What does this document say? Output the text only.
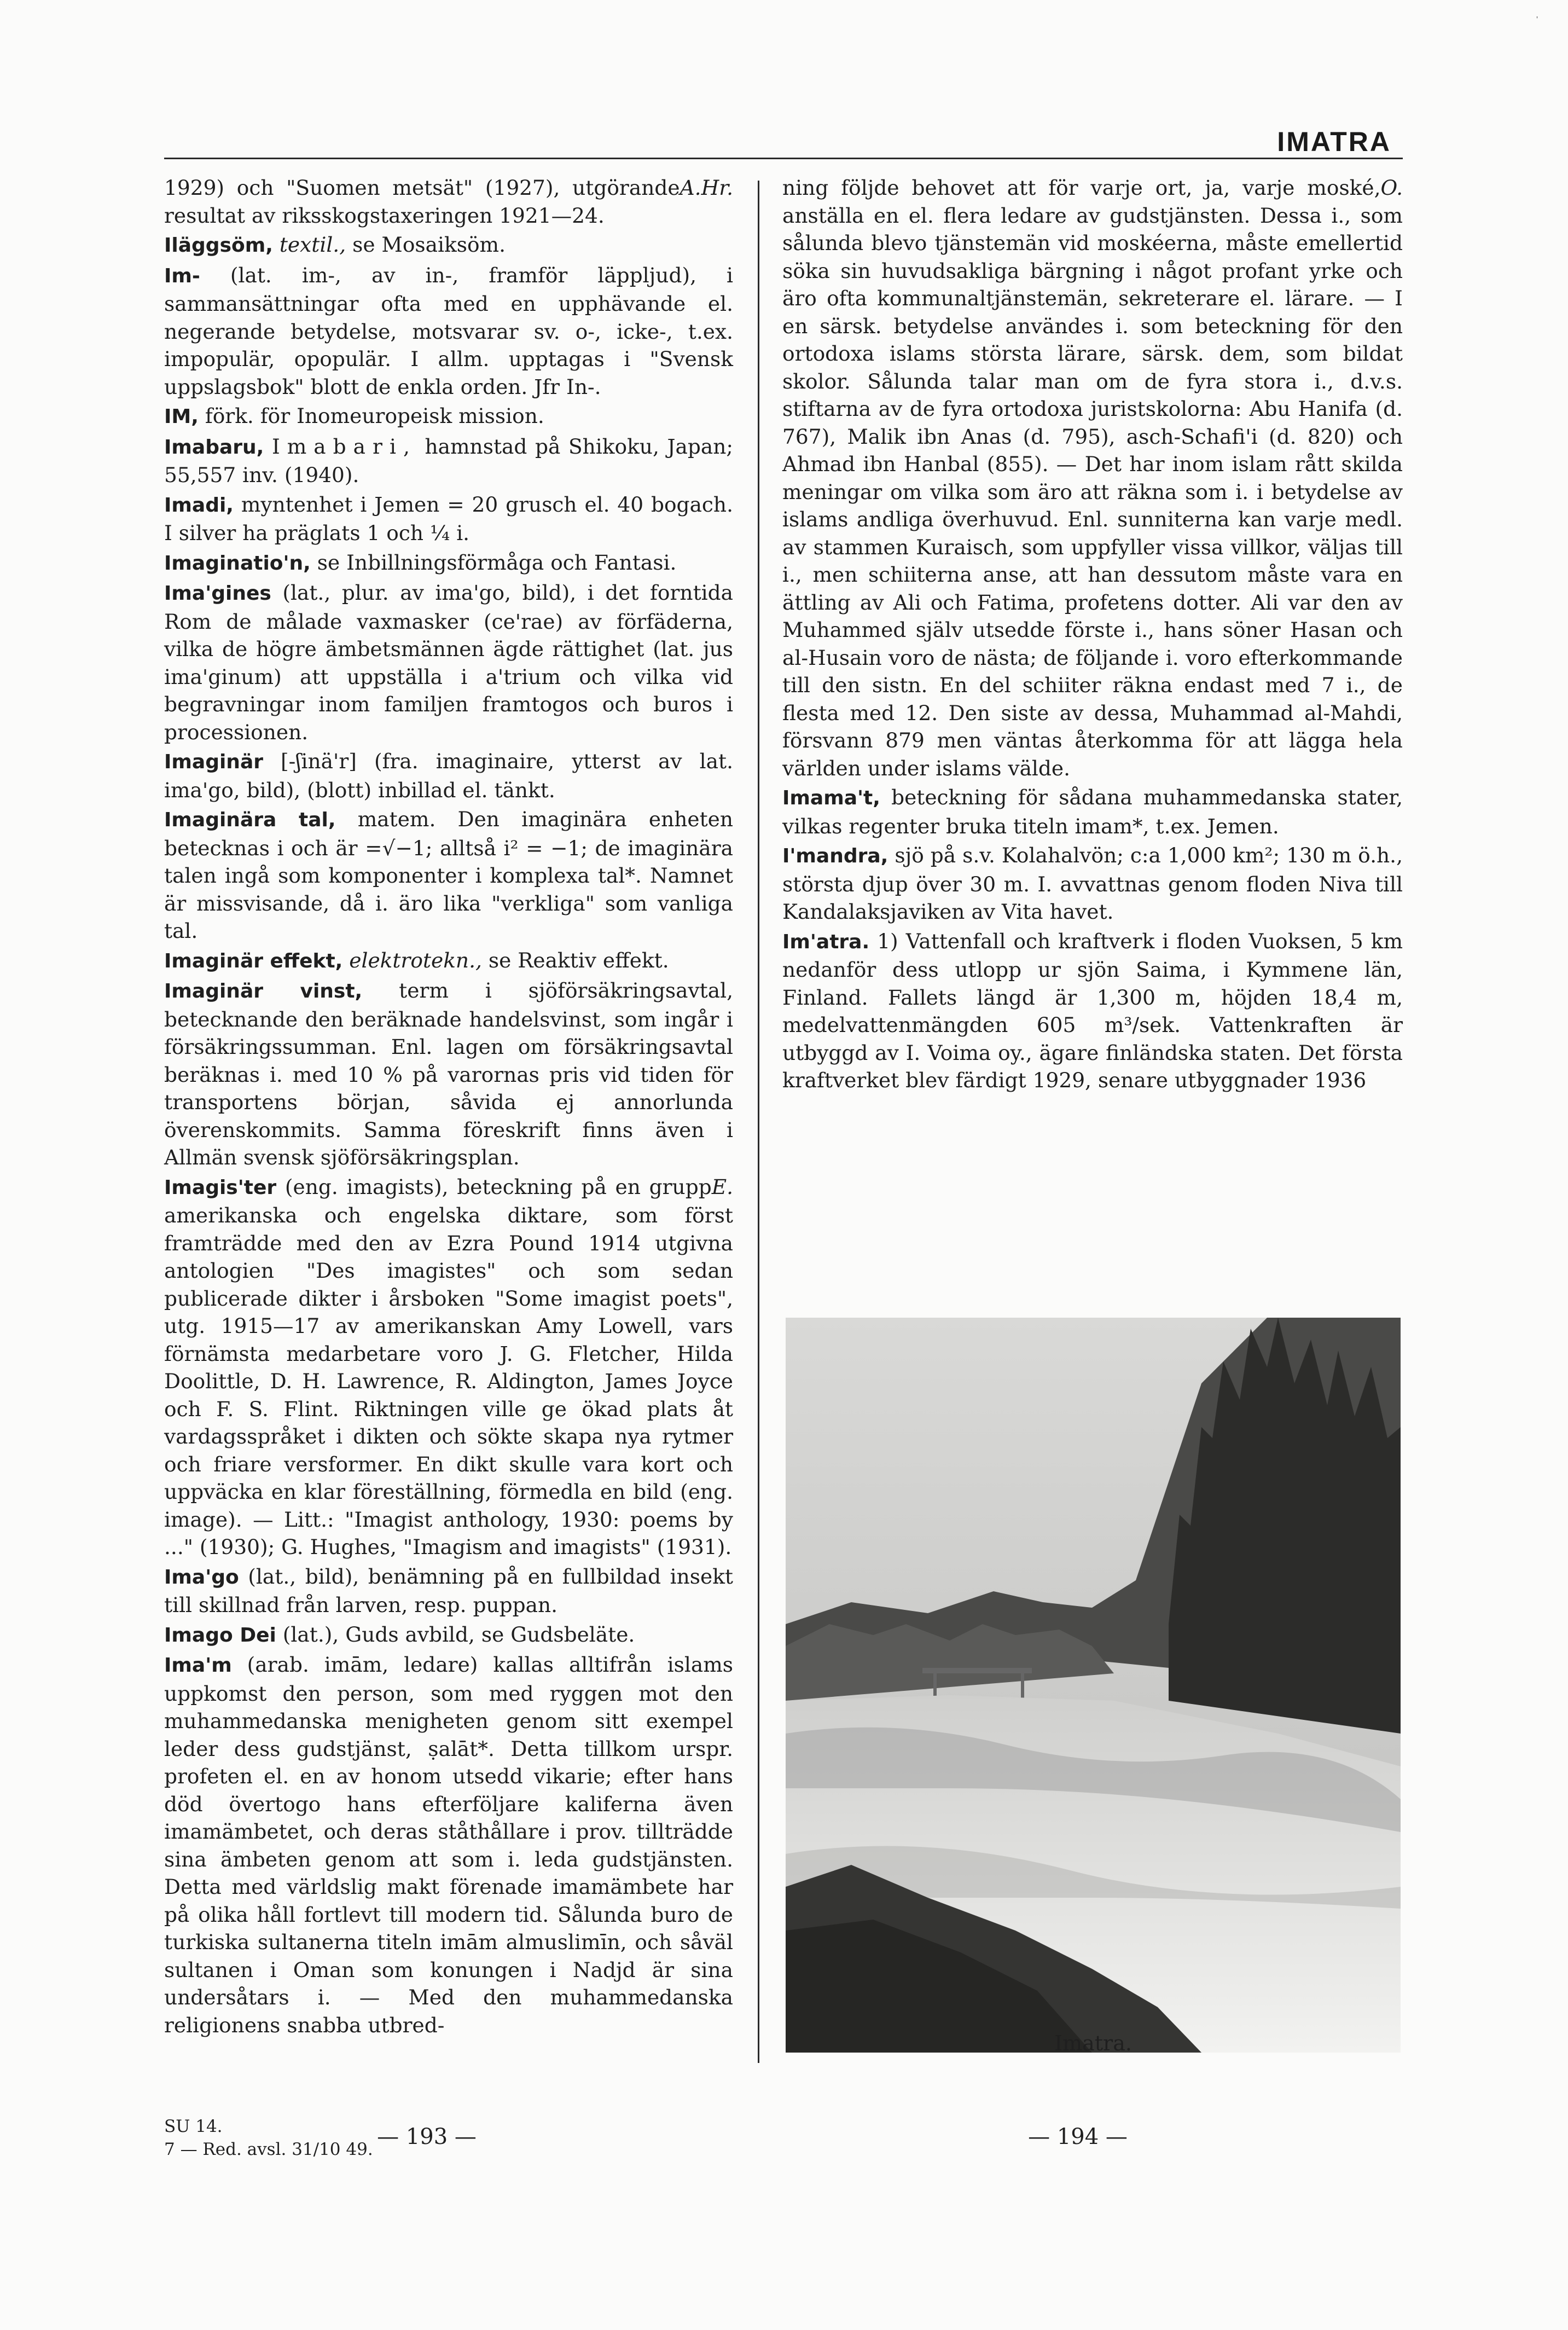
'
IMATRA

A.Hr.
1929) och "Suomen metsät" (1927), utgörande resultat av riksskogstaxeringen 1921—24.

Iläggsöm, textil., se Mosaiksöm.

Im- (lat. im-, av in-, framför läppljud), i sammansättningar ofta med en upphävande el. negerande betydelse, motsvarar sv. o-, icke-, t.ex. impopulär, opopulär. I allm. upptagas i "Svensk uppslagsbok" blott de enkla orden. Jfr In-.

IM, förk. för Inomeuropeisk mission.

Imabaru, Imabari, hamnstad på Shikoku, Japan; 55,557 inv. (1940).

Imadi, myntenhet i Jemen = 20 grusch el. 40 bogach. I silver ha präglats 1 och ¼ i.

Imaginatio'n, se Inbillningsförmåga och Fantasi.

Ima'gines (lat., plur. av ima'go, bild), i det forntida Rom de målade vaxmasker (ce'rae) av förfäderna, vilka de högre ämbetsmännen ägde rättighet (lat. jus ima'ginum) att uppställa i a'trium och vilka vid begravningar inom familjen framtogos och buros i processionen.

Imaginär [-ʃinä'r] (fra. imaginaire, ytterst av lat. ima'go, bild), (blott) inbillad el. tänkt.

Imaginära tal, matem. Den imaginära enheten betecknas i och är =√−1; alltså i² = −1; de imaginära talen ingå som komponenter i komplexa tal*. Namnet är missvisande, då i. äro lika "verkliga" som vanliga tal.

Imaginär effekt, elektrotekn., se Reaktiv effekt.

Imaginär vinst, term i sjöförsäkringsavtal, betecknande den beräknade handelsvinst, som ingår i försäkringssumman. Enl. lagen om försäkringsavtal beräknas i. med 10 % på varornas pris vid tiden för transportens början, såvida ej annorlunda överenskommits. Samma föreskrift finns även i Allmän svensk sjöförsäkringsplan.

E.
Imagis'ter (eng. imagists), beteckning på en grupp amerikanska och engelska diktare, som först framträdde med den av Ezra Pound 1914 utgivna antologien "Des imagistes" och som sedan publicerade dikter i årsboken "Some imagist poets", utg. 1915—17 av amerikanskan Amy Lowell, vars förnämsta medarbetare voro J. G. Fletcher, Hilda Doolittle, D. H. Lawrence, R. Aldington, James Joyce och F. S. Flint. Riktningen ville ge ökad plats åt vardagsspråket i dikten och sökte skapa nya rytmer och friare versformer. En dikt skulle vara kort och uppväcka en klar föreställning, förmedla en bild (eng. image). — Litt.: "Imagist anthology, 1930: poems by ..." (1930); G. Hughes, "Imagism and imagists" (1931).

Ima'go (lat., bild), benämning på en fullbildad insekt till skillnad från larven, resp. puppan.

Imago Dei (lat.), Guds avbild, se Gudsbeläte.

Ima'm (arab. imām, ledare) kallas alltifrån islams uppkomst den person, som med ryggen mot den muhammedanska menigheten genom sitt exempel leder dess gudstjänst, ṣalāt*. Detta tillkom urspr. profeten el. en av honom utsedd vikarie; efter hans död övertogo hans efterföljare kaliferna även imamämbetet, och deras ståthållare i prov. tillträdde sina ämbeten genom att som i. leda gudstjänsten. Detta med världslig makt förenade imamämbete har på olika håll fortlevt till modern tid. Sålunda buro de turkiska sultanerna titeln imām almuslimīn, och såväl sultanen i Oman som konungen i Nadjd är sina undersåtars i. — Med den muhammedanska religionens snabba utbred-

O.
ning följde behovet att för varje ort, ja, varje moské, anställa en el. flera ledare av gudstjänsten. Dessa i., som sålunda blevo tjänstemän vid moskéerna, måste emellertid söka sin huvudsakliga bärgning i något profant yrke och äro ofta kommunaltjänstemän, sekreterare el. lärare. — I en särsk. betydelse användes i. som beteckning för den ortodoxa islams största lärare, särsk. dem, som bildat skolor. Sålunda talar man om de fyra stora i., d.v.s. stiftarna av de fyra ortodoxa juristskolorna: Abu Hanifa (d. 767), Malik ibn Anas (d. 795), asch-Schafi'i (d. 820) och Ahmad ibn Hanbal (855). — Det har inom islam rått skilda meningar om vilka som äro att räkna som i. i betydelse av islams andliga överhuvud. Enl. sunniterna kan varje medl. av stammen Kuraisch, som uppfyller vissa villkor, väljas till i., men schiiterna anse, att han dessutom måste vara en ättling av Ali och Fatima, profetens dotter. Ali var den av Muhammed själv utsedde förste i., hans söner Hasan och al-Husain voro de nästa; de följande i. voro efterkommande till den sistn. En del schiiter räkna endast med 7 i., de flesta med 12. Den siste av dessa, Muhammad al-Mahdi, försvann 879 men väntas återkomma för att lägga hela världen under islams välde.

Imama't, beteckning för sådana muhammedanska stater, vilkas regenter bruka titeln imam*, t.ex. Jemen.

I'mandra, sjö på s.v. Kolahalvön; c:a 1,000 km²; 130 m ö.h., största djup över 30 m. I. avvattnas genom floden Niva till Kandalaksjaviken av Vita havet.

Im'atra. 1) Vattenfall och kraftverk i floden Vuoksen, 5 km nedanför dess utlopp ur sjön Saima, i Kymmene län, Finland. Fallets längd är 1,300 m, höjden 18,4 m, medelvattenmängden 605 m³/sek. Vattenkraften är utbyggd av I. Voima oy., ägare finländska staten. Det första kraftverket blev färdigt 1929, senare utbyggnader 1936

Imatra.
SU 14.
7 — Red. avsl. 31/10 49. — 193 —	— 194 —
